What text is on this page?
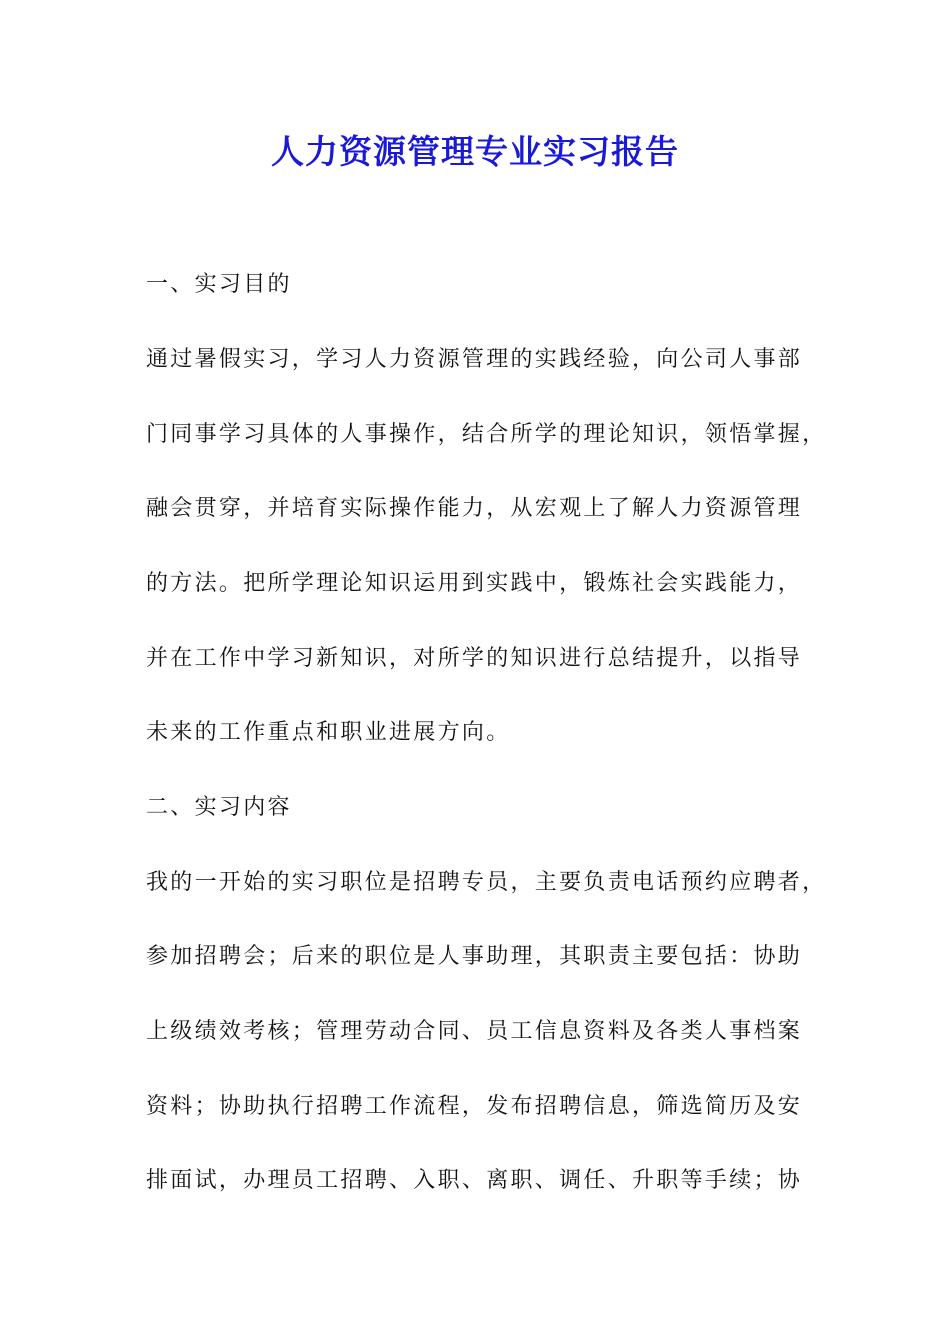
人力资源管理专业实习报告

一、实习目的

通过暑假实习，学习人力资源管理的实践经验，向公司人事部

门同事学习具体的人事操作，结合所学的理论知识，领悟掌握，

融会贯穿，并培育实际操作能力，从宏观上了解人力资源管理

的方法。把所学理论知识运用到实践中，锻炼社会实践能力，

并在工作中学习新知识，对所学的知识进行总结提升，以指导

未来的工作重点和职业进展方向。

二、实习内容

我的一开始的实习职位是招聘专员，主要负责电话预约应聘者，

参加招聘会；后来的职位是人事助理，其职责主要包括：协助

上级绩效考核；管理劳动合同、员工信息资料及各类人事档案

资料；协助执行招聘工作流程，发布招聘信息，筛选简历及安

排面试，办理员工招聘、入职、离职、调任、升职等手续；协
